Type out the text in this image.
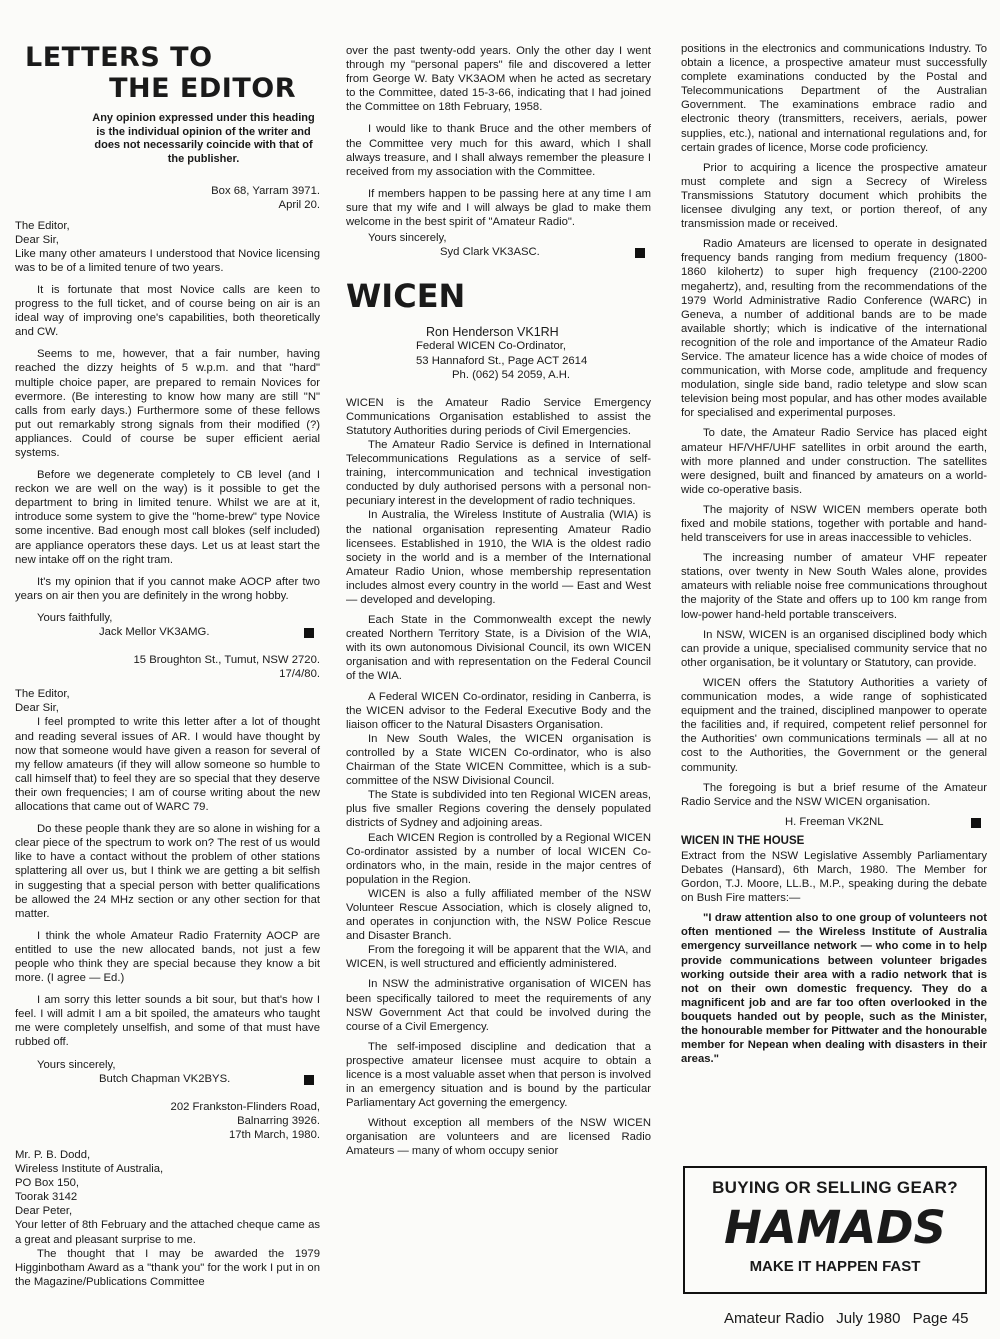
LETTERS TO
THE EDITOR
Any opinion expressed under this heading is the individual opinion of the writer and does not necessarily coincide with that of the publisher.

Box 68, Yarram 3971.

April 20.

The Editor,

Dear Sir,

Like many other amateurs I understood that Novice licensing was to be of a limited tenure of two years.

It is fortunate that most Novice calls are keen to progress to the full ticket, and of course being on air is an ideal way of improving one's capabilities, both theoretically and CW.

Seems to me, however, that a fair number, having reached the dizzy heights of 5 w.p.m. and that "hard" multiple choice paper, are prepared to remain Novices for evermore. (Be interesting to know how many are still "N" calls from early days.) Furthermore some of these fellows put out remarkably strong signals from their modified (?) appliances. Could of course be super efficient aerial systems.

Before we degenerate completely to CB level (and I reckon we are well on the way) is it possible to get the department to bring in limited tenure. Whilst we are at it, introduce some system to give the "home-brew" type Novice some incentive. Bad enough most call blokes (self included) are appliance operators these days. Let us at least start the new intake off on the right tram.

It's my opinion that if you cannot make AOCP after two years on air then you are definitely in the wrong hobby.

Yours faithfully,

Jack Mellor VK3AMG.

15 Broughton St., Tumut, NSW 2720.

17/4/80.

The Editor,

Dear Sir,

I feel prompted to write this letter after a lot of thought and reading several issues of AR. I would have thought by now that someone would have given a reason for several of my fellow amateurs (if they will allow someone so humble to call himself that) to feel they are so special that they deserve their own frequencies; I am of course writing about the new allocations that came out of WARC 79.

Do these people thank they are so alone in wishing for a clear piece of the spectrum to work on? The rest of us would like to have a contact without the problem of other stations splattering all over us, but I think we are getting a bit selfish in suggesting that a special person with better qualifications be allowed the 24 MHz section or any other section for that matter.

I think the whole Amateur Radio Fraternity AOCP are entitled to use the new allocated bands, not just a few people who think they are special because they know a bit more. (I agree — Ed.)

I am sorry this letter sounds a bit sour, but that's how I feel. I will admit I am a bit spoiled, the amateurs who taught me were completely unselfish, and some of that must have rubbed off.

Yours sincerely,

Butch Chapman VK2BYS.

202 Frankston-Flinders Road,

Balnarring 3926.

17th March, 1980.

Mr. P. B. Dodd,

Wireless Institute of Australia,

PO Box 150,

Toorak 3142

Dear Peter,

Your letter of 8th February and the attached cheque came as a great and pleasant surprise to me.

The thought that I may be awarded the 1979 Higginbotham Award as a "thank you" for the work I put in on the Magazine/Publications Committee

over the past twenty-odd years. Only the other day I went through my "personal papers" file and discovered a letter from George W. Baty VK3AOM when he acted as secretary to the Committee, dated 15-3-66, indicating that I had joined the Committee on 18th February, 1958.

I would like to thank Bruce and the other members of the Committee very much for this award, which I shall always treasure, and I shall always remember the pleasure I received from my association with the Committee.

If members happen to be passing here at any time I am sure that my wife and I will always be glad to make them welcome in the best spirit of "Amateur Radio".

Yours sincerely,

Syd Clark VK3ASC.
WICEN

Ron Henderson VK1RH

Federal WICEN Co-Ordinator,

53 Hannaford St., Page ACT 2614

Ph. (062) 54 2059, A.H.

WICEN is the Amateur Radio Service Emergency Communications Organisation established to assist the Statutory Authorities during periods of Civil Emergencies.

The Amateur Radio Service is defined in International Telecommunications Regulations as a service of self-training, intercommunication and technical investigation conducted by duly authorised persons with a personal non-pecuniary interest in the development of radio techniques.

In Australia, the Wireless Institute of Australia (WIA) is the national organisation representing Amateur Radio licensees. Established in 1910, the WIA is the oldest radio society in the world and is a member of the International Amateur Radio Union, whose membership representation includes almost every country in the world — East and West — developed and developing.

Each State in the Commonwealth except the newly created Northern Territory State, is a Division of the WIA, with its own autonomous Divisional Council, its own WICEN organisation and with representation on the Federal Council of the WIA.

A Federal WICEN Co-ordinator, residing in Canberra, is the WICEN advisor to the Federal Executive Body and the liaison officer to the Natural Disasters Organisation.

In New South Wales, the WICEN organisation is controlled by a State WICEN Co-ordinator, who is also Chairman of the State WICEN Committee, which is a sub-committee of the NSW Divisional Council.

The State is subdivided into ten Regional WICEN areas, plus five smaller Regions covering the densely populated districts of Sydney and adjoining areas.

Each WICEN Region is controlled by a Regional WICEN Co-ordinator assisted by a number of local WICEN Co-ordinators who, in the main, reside in the major centres of population in the Region.

WICEN is also a fully affiliated member of the NSW Volunteer Rescue Association, which is closely aligned to, and operates in conjunction with, the NSW Police Rescue and Disaster Branch.

From the foregoing it will be apparent that the WIA, and WICEN, is well structured and efficiently administered.

In NSW the administrative organisation of WICEN has been specifically tailored to meet the requirements of any NSW Government Act that could be involved during the course of a Civil Emergency.

The self-imposed discipline and dedication that a prospective amateur licensee must acquire to obtain a licence is a most valuable asset when that person is involved in an emergency situation and is bound by the particular Parliamentary Act governing the emergency.

Without exception all members of the NSW WICEN organisation are volunteers and are licensed Radio Amateurs — many of whom occupy senior

positions in the electronics and communications Industry. To obtain a licence, a prospective amateur must successfully complete examinations conducted by the Postal and Telecommunications Department of the Australian Government. The examinations embrace radio and electronic theory (transmitters, receivers, aerials, power supplies, etc.), national and international regulations and, for certain grades of licence, Morse code proficiency.

Prior to acquiring a licence the prospective amateur must complete and sign a Secrecy of Wireless Transmissions Statutory document which prohibits the licensee divulging any text, or portion thereof, of any transmission made or received.

Radio Amateurs are licensed to operate in designated frequency bands ranging from medium frequency (1800-1860 kilohertz) to super high frequency (2100-2200 megahertz), and, resulting from the recommendations of the 1979 World Administrative Radio Conference (WARC) in Geneva, a number of additional bands are to be made available shortly; which is indicative of the international recognition of the role and importance of the Amateur Radio Service. The amateur licence has a wide choice of modes of communication, with Morse code, amplitude and frequency modulation, single side band, radio teletype and slow scan television being most popular, and has other modes available for specialised and experimental purposes.

To date, the Amateur Radio Service has placed eight amateur HF/VHF/UHF satellites in orbit around the earth, with more planned and under construction. The satellites were designed, built and financed by amateurs on a world-wide co-operative basis.

The majority of NSW WICEN members operate both fixed and mobile stations, together with portable and hand-held transceivers for use in areas inaccessible to vehicles.

The increasing number of amateur VHF repeater stations, over twenty in New South Wales alone, provides amateurs with reliable noise free communications throughout the majority of the State and offers up to 100 km range from low-power hand-held portable transceivers.

In NSW, WICEN is an organised disciplined body which can provide a unique, specialised community service that no other organisation, be it voluntary or Statutory, can provide.

WICEN offers the Statutory Authorities a variety of communication modes, a wide range of sophisticated equipment and the trained, disciplined manpower to operate the facilities and, if required, competent relief personnel for the Authorities' own communications terminals — all at no cost to the Authorities, the Government or the general community.

The foregoing is but a brief resume of the Amateur Radio Service and the NSW WICEN organisation.

H. Freeman VK2NL

WICEN IN THE HOUSE

Extract from the NSW Legislative Assembly Parliamentary Debates (Hansard), 6th March, 1980. The Member for Gordon, T.J. Moore, LL.B., M.P., speaking during the debate on Bush Fire matters:—

"I draw attention also to one group of volunteers not often mentioned — the Wireless Institute of Australia emergency surveillance network — who come in to help provide communications between volunteer brigades working outside their area with a radio network that is not on their own domestic frequency. They do a magnificent job and are far too often overlooked in the bouquets handed out by people, such as the Minister, the honourable member for Pittwater and the honourable member for Nepean when dealing with disasters in their areas."

BUYING OR SELLING GEAR?
HAMADS
MAKE IT HAPPEN FAST
Amateur Radio July 1980 Page 45
